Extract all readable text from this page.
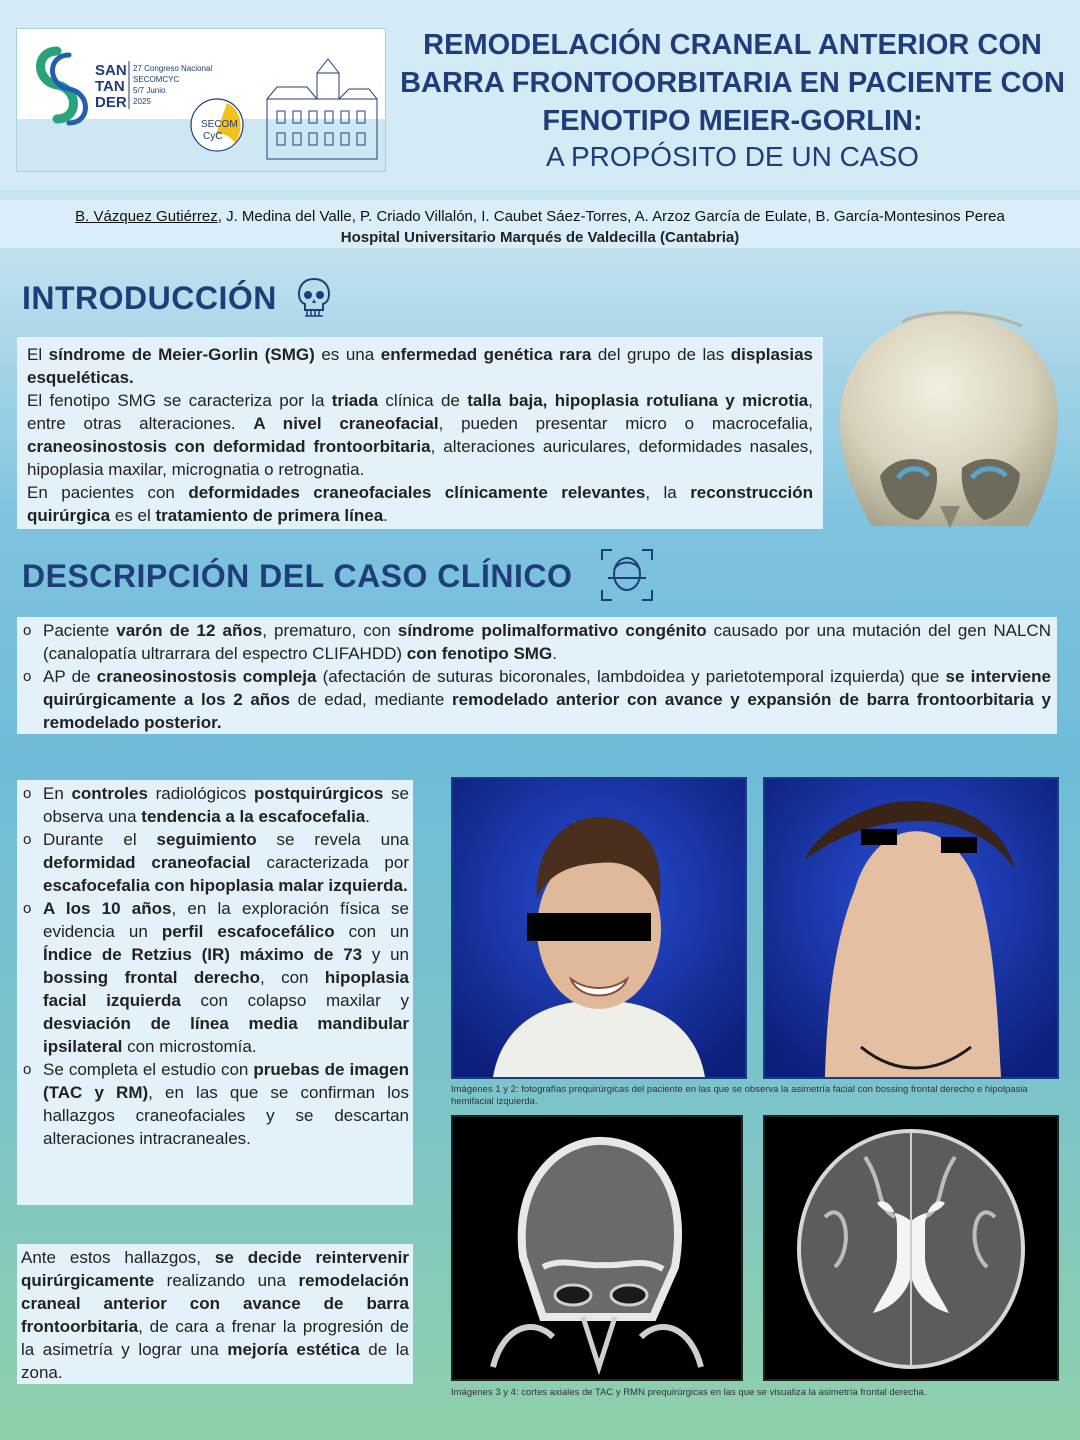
SAN
TAN
DER
27 Congreso Nacional
SECOMCYC
5/7 Junio
2025
SECOM
CyC
REMODELACIÓN CRANEAL ANTERIOR CON BARRA FRONTOORBITARIA EN PACIENTE CON FENOTIPO MEIER-GORLIN:
A PROPÓSITO DE UN CASO
B. Vázquez Gutiérrez, J. Medina del Valle, P. Criado Villalón, I. Caubet Sáez-Torres, A. Arzoz García de Eulate, B. García-Montesinos Perea
Hospital Universitario Marqués de Valdecilla (Cantabria)
INTRODUCCIÓN

El síndrome de Meier-Gorlin (SMG) es una enfermedad genética rara del grupo de las displasias esqueléticas.

El fenotipo SMG se caracteriza por la triada clínica de talla baja, hipoplasia rotuliana y microtia, entre otras alteraciones. A nivel craneofacial, pueden presentar micro o macrocefalia, craneosinostosis con deformidad frontoorbitaria, alteraciones auriculares, deformidades nasales, hipoplasia maxilar, micrognatia o retrognatia.

En pacientes con deformidades craneofaciales clínicamente relevantes, la reconstrucción quirúrgica es el tratamiento de primera línea.

DESCRIPCIÓN DEL CASO CLÍNICO
o Paciente varón de 12 años, prematuro, con síndrome polimalformativo congénito causado por una mutación del gen NALCN (canalopatía ultrarrara del espectro CLIFAHDD) con fenotipo SMG.
o AP de craneosinostosis compleja (afectación de suturas bicoronales, lambdoidea y parietotemporal izquierda) que se interviene quirúrgicamente a los 2 años de edad, mediante remodelado anterior con avance y expansión de barra frontoorbitaria y remodelado posterior.
o En controles radiológicos postquirúrgicos se observa una tendencia a la escafocefalia.
o Durante el seguimiento se revela una deformidad craneofacial caracterizada por escafocefalia con hipoplasia malar izquierda.
o A los 10 años, en la exploración física se evidencia un perfil escafocefálico con un Índice de Retzius (IR) máximo de 73 y un bossing frontal derecho, con hipoplasia facial izquierda con colapso maxilar y desviación de línea media mandibular ipsilateral con microstomía.
o Se completa el estudio con pruebas de imagen (TAC y RM), en las que se confirman los hallazgos craneofaciales y se descartan alteraciones intracraneales.

Ante estos hallazgos, se decide reintervenir quirúrgicamente realizando una remodelación craneal anterior con avance de barra frontoorbitaria, de cara a frenar la progresión de la asimetría y lograr una mejoría estética de la zona.

Imágenes 1 y 2: fotografías prequirúrgicas del paciente en las que se observa la asimetría facial con bossing frontal derecho e hipolpasia hemifacial izquierda.
Imágenes 3 y 4: cortes axiales de TAC y RMN prequirúrgicas en las que se visualiza la asimetría frontal derecha.
